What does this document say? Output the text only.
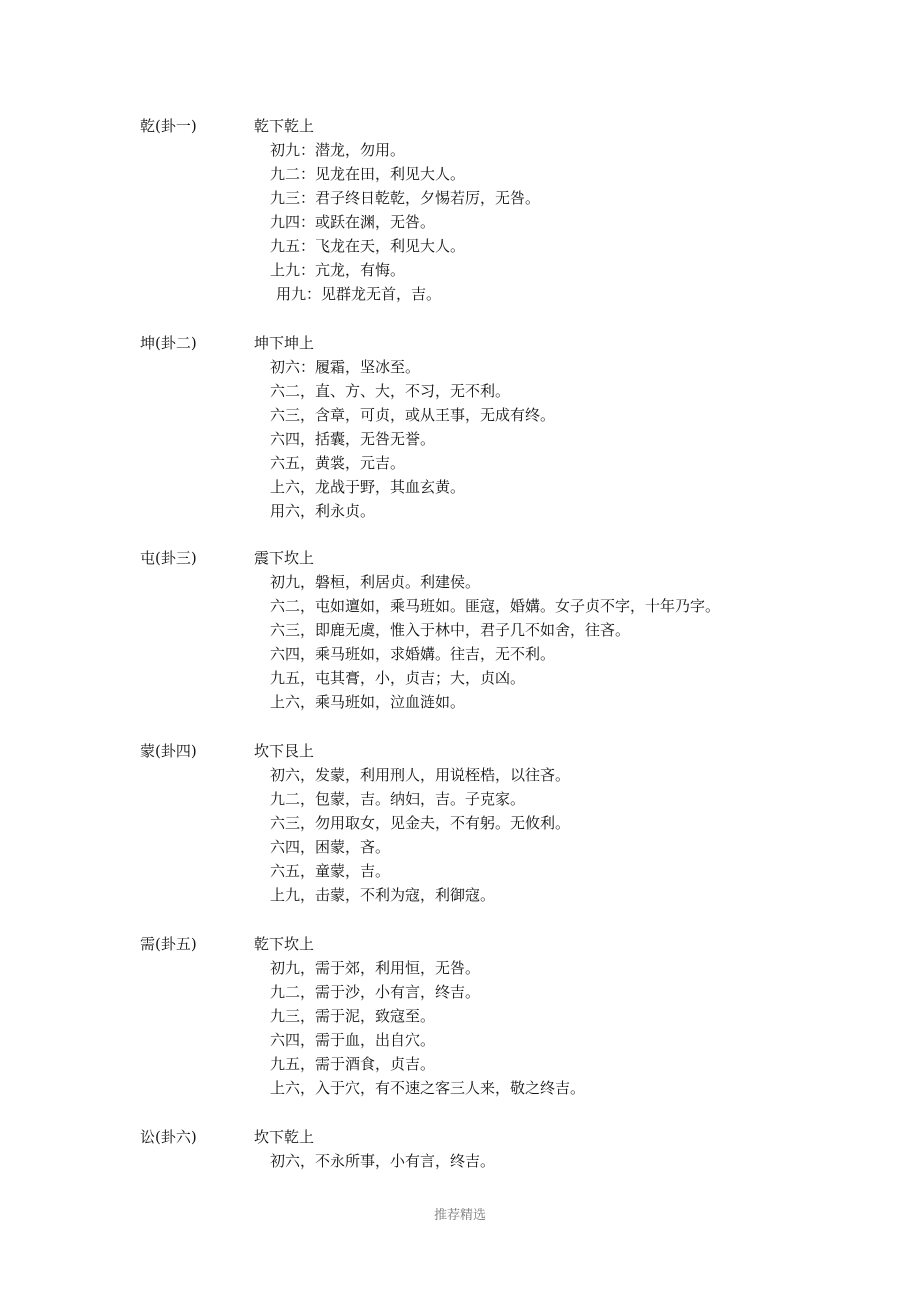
乾(卦一)	乾下乾上
初九：潜龙，勿用。
九二：见龙在田，利见大人。
九三：君子终日乾乾，夕惕若厉，无咎。
九四：或跃在渊，无咎。
九五：飞龙在天，利见大人。
上九：亢龙，有悔。
用九：见群龙无首，吉。
坤(卦二)	坤下坤上
初六：履霜，坚冰至。
六二，直、方、大，不习，无不利。
六三，含章，可贞，或从王事，无成有终。
六四，括囊，无咎无誉。
六五，黄裳，元吉。
上六，龙战于野，其血玄黄。
用六，利永贞。
屯(卦三)	震下坎上
初九，磐桓，利居贞。利建侯。
六二，屯如邅如，乘马班如。匪寇，婚媾。女子贞不字，十年乃字。
六三，即鹿无虞，惟入于林中，君子几不如舍，往吝。
六四，乘马班如，求婚媾。往吉，无不利。
九五，屯其膏，小，贞吉；大，贞凶。
上六，乘马班如，泣血涟如。
蒙(卦四)	坎下艮上
初六，发蒙，利用刑人，用说桎梏，以往吝。
九二，包蒙，吉。纳妇，吉。子克家。
六三，勿用取女，见金夫，不有躬。无攸利。
六四，困蒙，吝。
六五，童蒙，吉。
上九，击蒙，不利为寇，利御寇。
需(卦五)	乾下坎上
初九，需于郊，利用恒，无咎。
九二，需于沙，小有言，终吉。
九三，需于泥，致寇至。
六四，需于血，出自穴。
九五，需于酒食，贞吉。
上六，入于穴，有不速之客三人来，敬之终吉。
讼(卦六)	坎下乾上
初六，不永所事，小有言，终吉。
推荐精选
